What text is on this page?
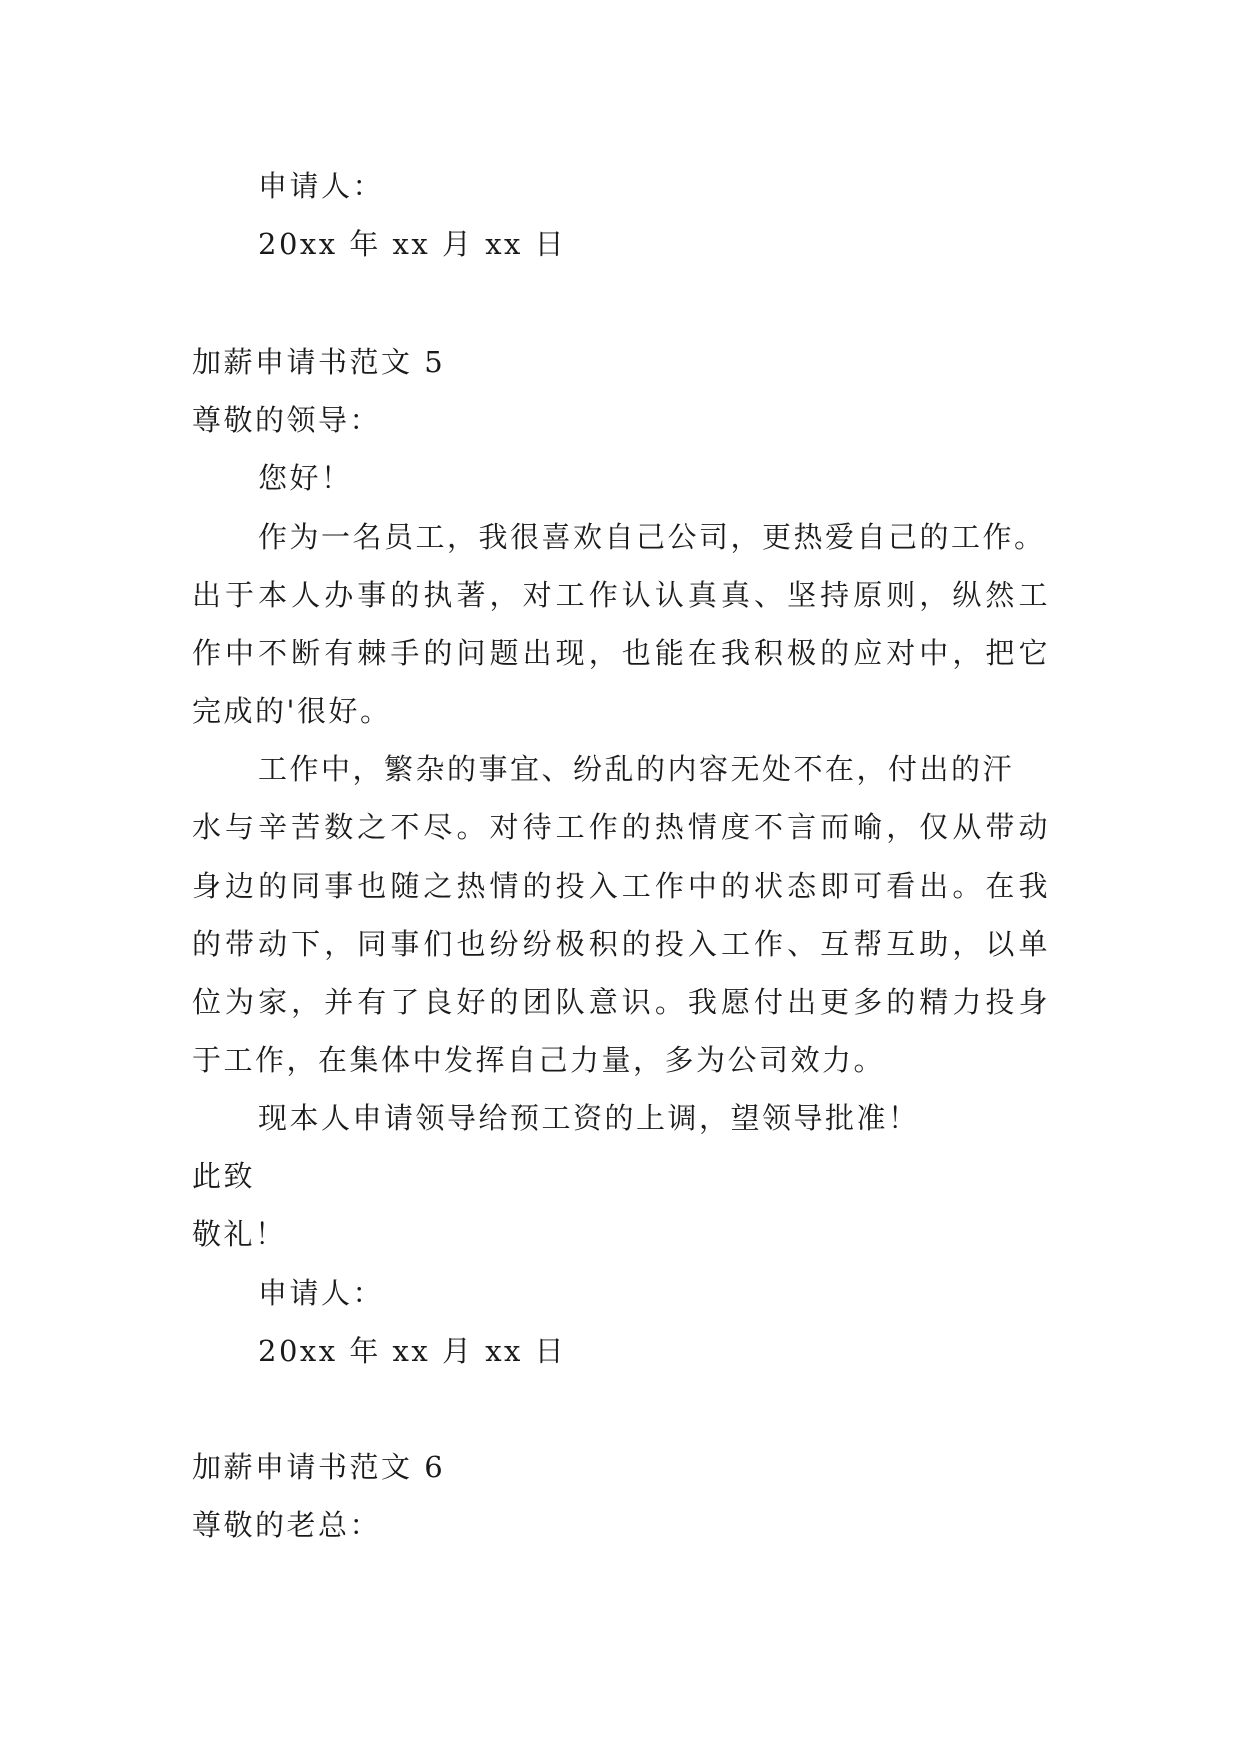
申请人：
20xx 年 xx 月 xx 日
加薪申请书范文 5
尊敬的领导：
您好！
作为一名员工，我很喜欢自己公司，更热爱自己的工作。
出于本人办事的执著，对工作认认真真、坚持原则，纵然工
作中不断有棘手的问题出现，也能在我积极的应对中，把它
完成的'很好。
工作中，繁杂的事宜、纷乱的内容无处不在，付出的汗
水与辛苦数之不尽。对待工作的热情度不言而喻，仅从带动
身边的同事也随之热情的投入工作中的状态即可看出。在我
的带动下，同事们也纷纷极积的投入工作、互帮互助，以单
位为家，并有了良好的团队意识。我愿付出更多的精力投身
于工作，在集体中发挥自己力量，多为公司效力。
现本人申请领导给预工资的上调，望领导批准！
此致
敬礼！
申请人：
20xx 年 xx 月 xx 日
加薪申请书范文 6
尊敬的老总：
